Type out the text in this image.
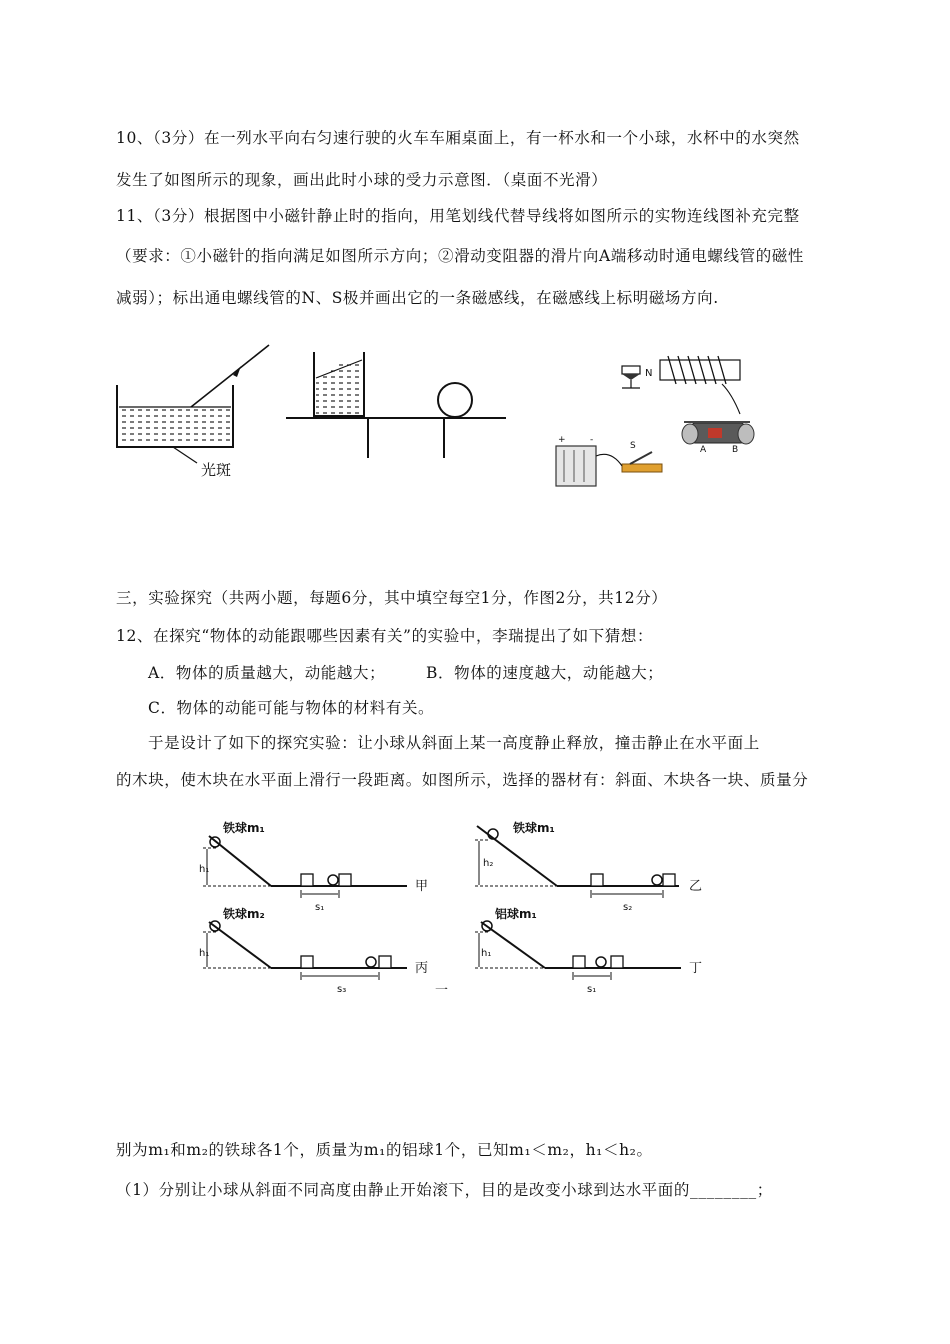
10、（3分）在一列水平向右匀速行驶的火车车厢桌面上，有一杯水和一个小球，水杯中的水突然
发生了如图所示的现象，画出此时小球的受力示意图．（桌面不光滑）
11、（3分）根据图中小磁针静止时的指向，用笔划线代替导线将如图所示的实物连线图补充完整
（要求：①小磁针的指向满足如图所示方向；②滑动变阻器的滑片向A端移动时通电螺线管的磁性
减弱）；标出通电螺线管的N、S极并画出它的一条磁感线，在磁感线上标明磁场方向.
光斑
N
A	B
+	-
S
三，实验探究（共两小题，每题6分，其中填空每空1分，作图2分，共12分）
12、在探究“物体的动能跟哪些因素有关”的实验中，李瑞提出了如下猜想：
A．物体的质量越大，动能越大；	B．物体的速度越大，动能越大；
C．物体的动能可能与物体的材料有关。
于是设计了如下的探究实验：让小球从斜面上某一高度静止释放，撞击静止在水平面上
的木块，使木块在水平面上滑行一段距离。如图所示，选择的器材有：斜面、木块各一块、质量分
铁球m₁
h₁
s₁
甲
铁球m₁
h₂
s₂
乙
铁球m₂
h₁
s₃
丙
铝球m₁
h₁
s₁
丁
一
别为m₁和m₂的铁球各1个，质量为m₁的铝球1个，已知m₁＜m₂，h₁＜h₂。
（1）分别让小球从斜面不同高度由静止开始滚下，目的是改变小球到达水平面的________；
